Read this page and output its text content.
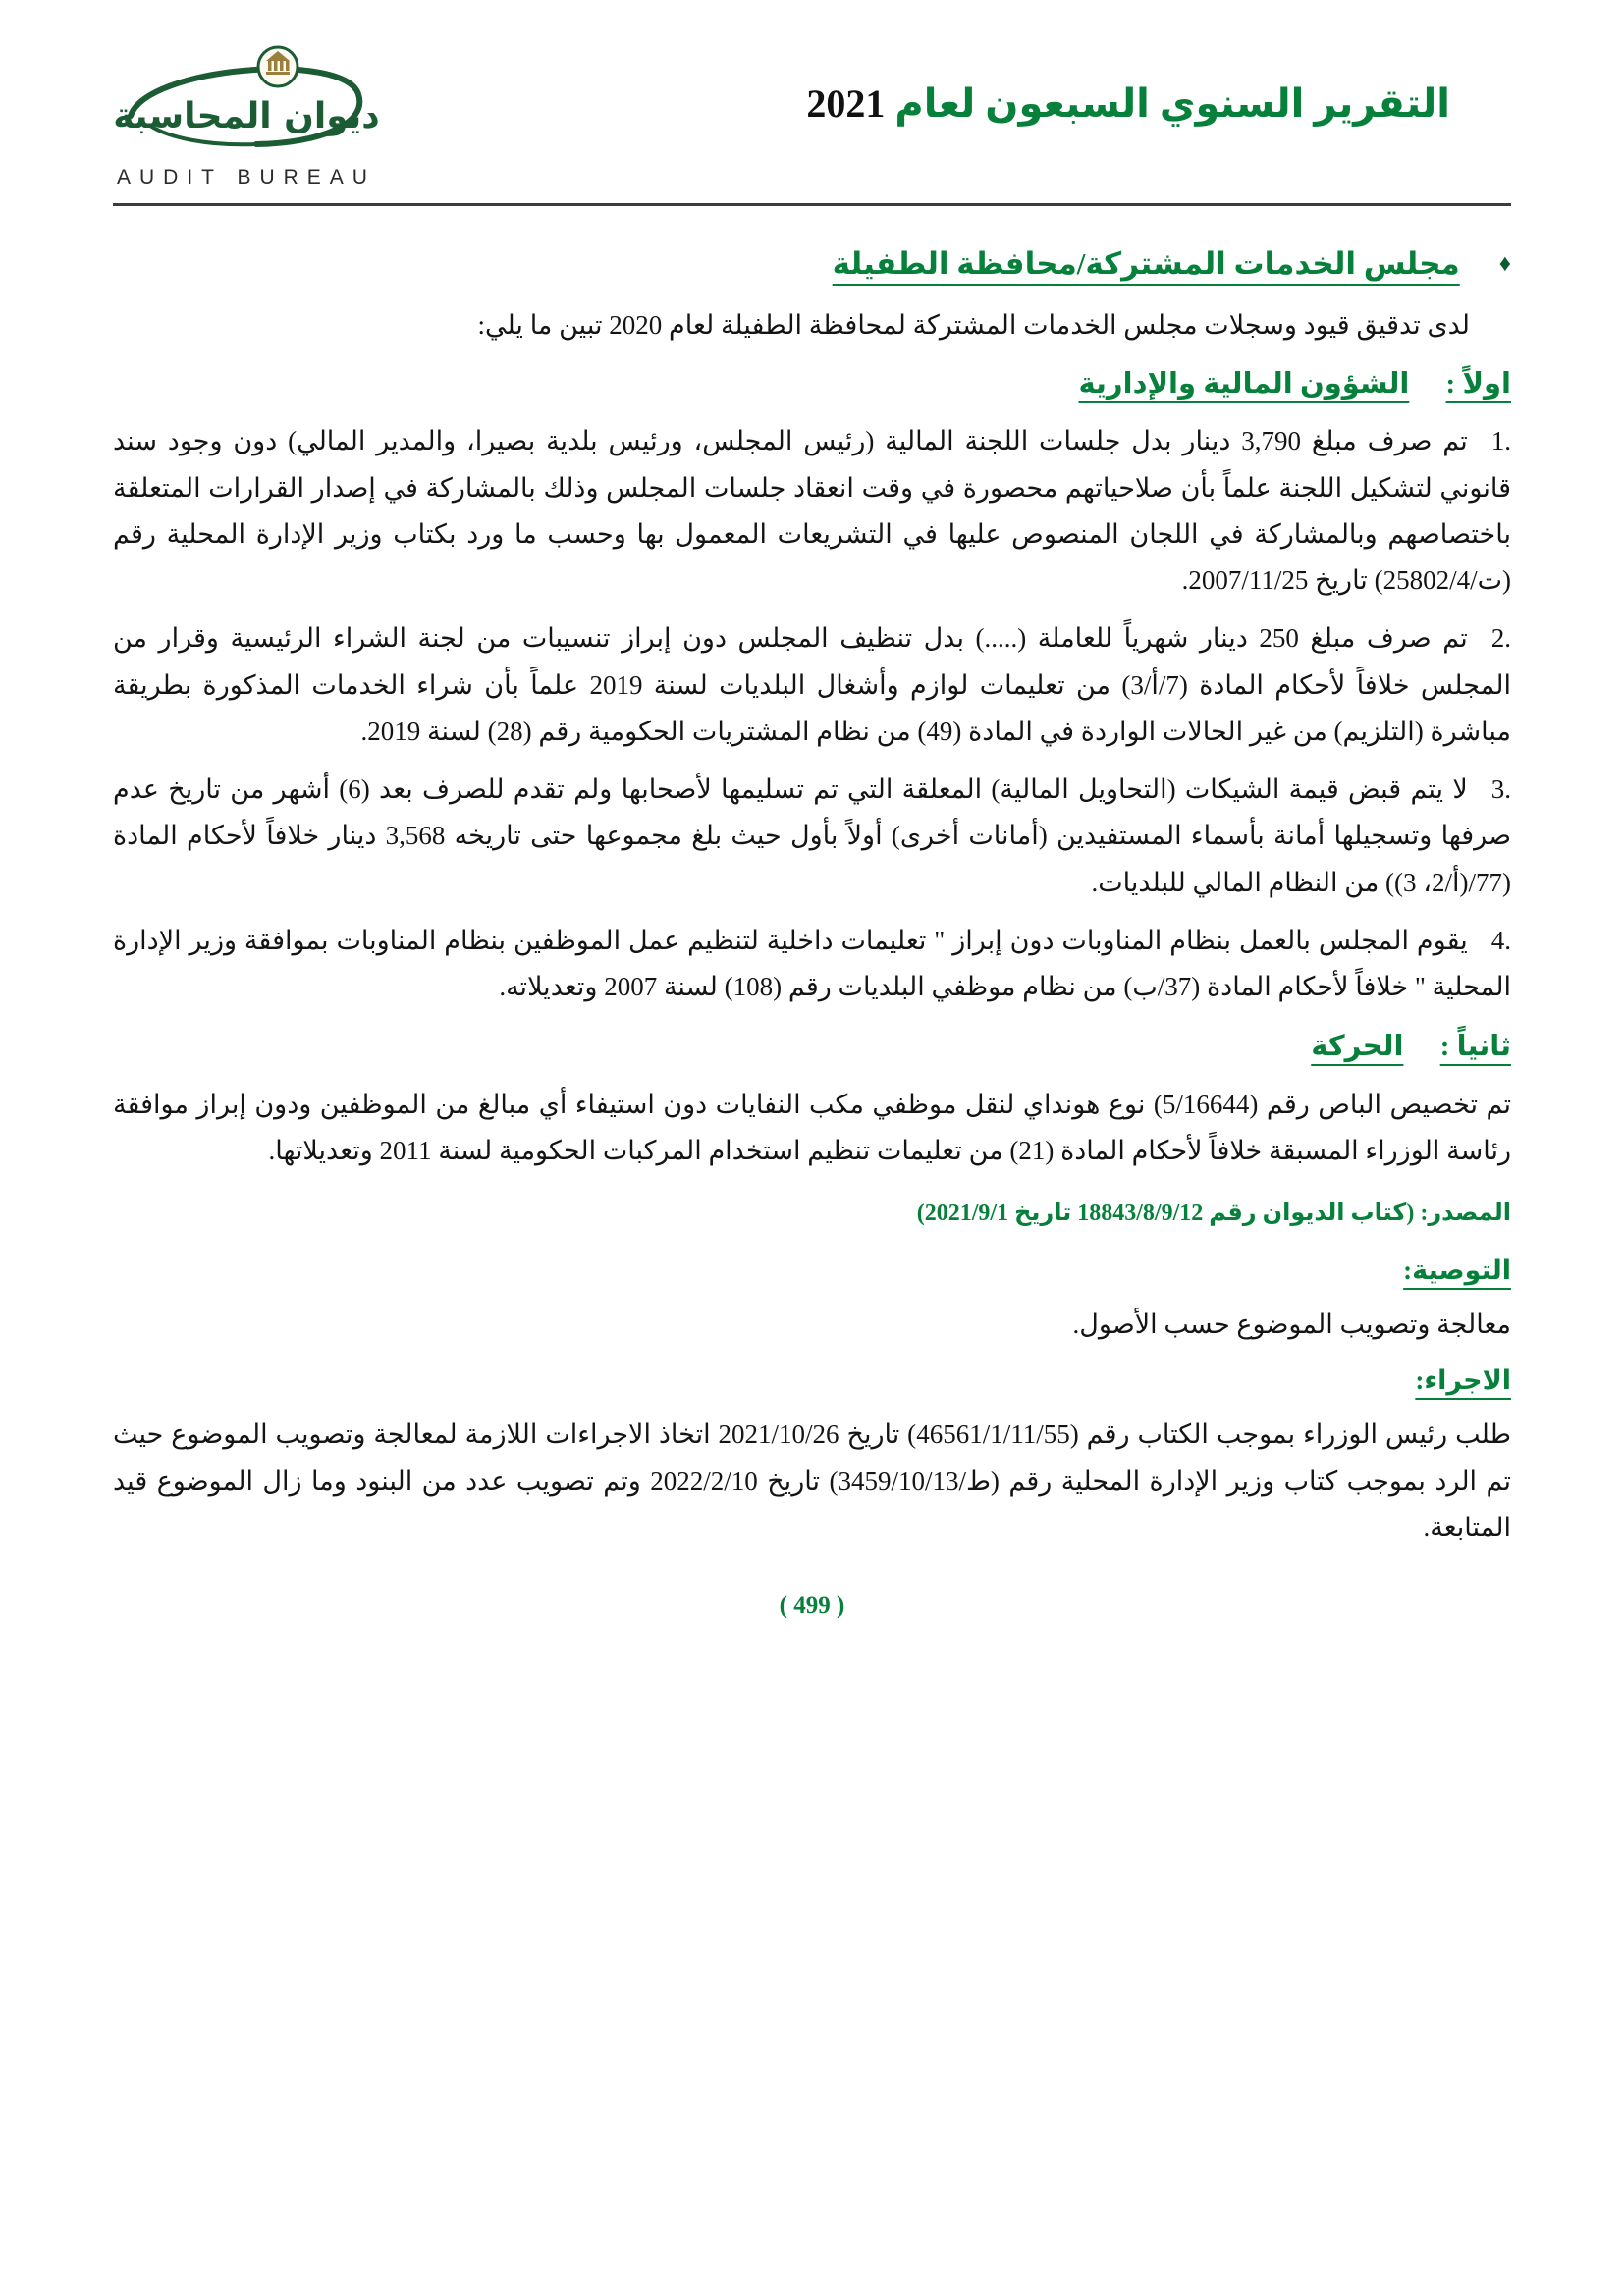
ديوان المحاسبة
AUDIT BUREAU
التقرير السنوي السبعون لعام 2021
♦
مجلس الخدمات المشتركة/محافظة الطفيلة

لدى تدقيق قيود وسجلات مجلس الخدمات المشتركة لمحافظة الطفيلة لعام 2020 تبين ما يلي:

اولاً : الشؤون المالية والإدارية

1.تم صرف مبلغ 3,790 دينار بدل جلسات اللجنة المالية (رئيس المجلس، ورئيس بلدية بصيرا، والمدير المالي) دون وجود سند قانوني لتشكيل اللجنة علماً بأن صلاحياتهم محصورة في وقت انعقاد جلسات المجلس وذلك بالمشاركة في إصدار القرارات المتعلقة باختصاصهم وبالمشاركة في اللجان المنصوص عليها في التشريعات المعمول بها وحسب ما ورد بكتاب وزير الإدارة المحلية رقم (ت/25802/4) تاريخ 2007/11/25.

2.تم صرف مبلغ 250 دينار شهرياً للعاملة (.....) بدل تنظيف المجلس دون إبراز تنسيبات من لجنة الشراء الرئيسية وقرار من المجلس خلافاً لأحكام المادة (7/أ/3) من تعليمات لوازم وأشغال البلديات لسنة 2019 علماً بأن شراء الخدمات المذكورة بطريقة مباشرة (التلزيم) من غير الحالات الواردة في المادة (49) من نظام المشتريات الحكومية رقم (28) لسنة 2019.

3.لا يتم قبض قيمة الشيكات (التحاويل المالية) المعلقة التي تم تسليمها لأصحابها ولم تقدم للصرف بعد (6) أشهر من تاريخ عدم صرفها وتسجيلها أمانة بأسماء المستفيدين (أمانات أخرى) أولاً بأول حيث بلغ مجموعها حتى تاريخه 3,568 دينار خلافاً لأحكام المادة (77/(أ/2، 3)) من النظام المالي للبلديات.

4.يقوم المجلس بالعمل بنظام المناوبات دون إبراز " تعليمات داخلية لتنظيم عمل الموظفين بنظام المناوبات بموافقة وزير الإدارة المحلية " خلافاً لأحكام المادة (37/ب) من نظام موظفي البلديات رقم (108) لسنة 2007 وتعديلاته.

ثانياً : الحركة

تم تخصيص الباص رقم (5/16644) نوع هونداي لنقل موظفي مكب النفايات دون استيفاء أي مبالغ من الموظفين ودون إبراز موافقة رئاسة الوزراء المسبقة خلافاً لأحكام المادة (21) من تعليمات تنظيم استخدام المركبات الحكومية لسنة 2011 وتعديلاتها.

المصدر: (كتاب الديوان رقم 18843/8/9/12 تاريخ 2021/9/1)

التوصية:

معالجة وتصويب الموضوع حسب الأصول.

الاجراء:

طلب رئيس الوزراء بموجب الكتاب رقم (46561/1/11/55) تاريخ 2021/10/26 اتخاذ الاجراءات اللازمة لمعالجة وتصويب الموضوع حيث تم الرد بموجب كتاب وزير الإدارة المحلية رقم (ط/3459/10/13) تاريخ 2022/2/10 وتم تصويب عدد من البنود وما زال الموضوع قيد المتابعة.

( 499 )
